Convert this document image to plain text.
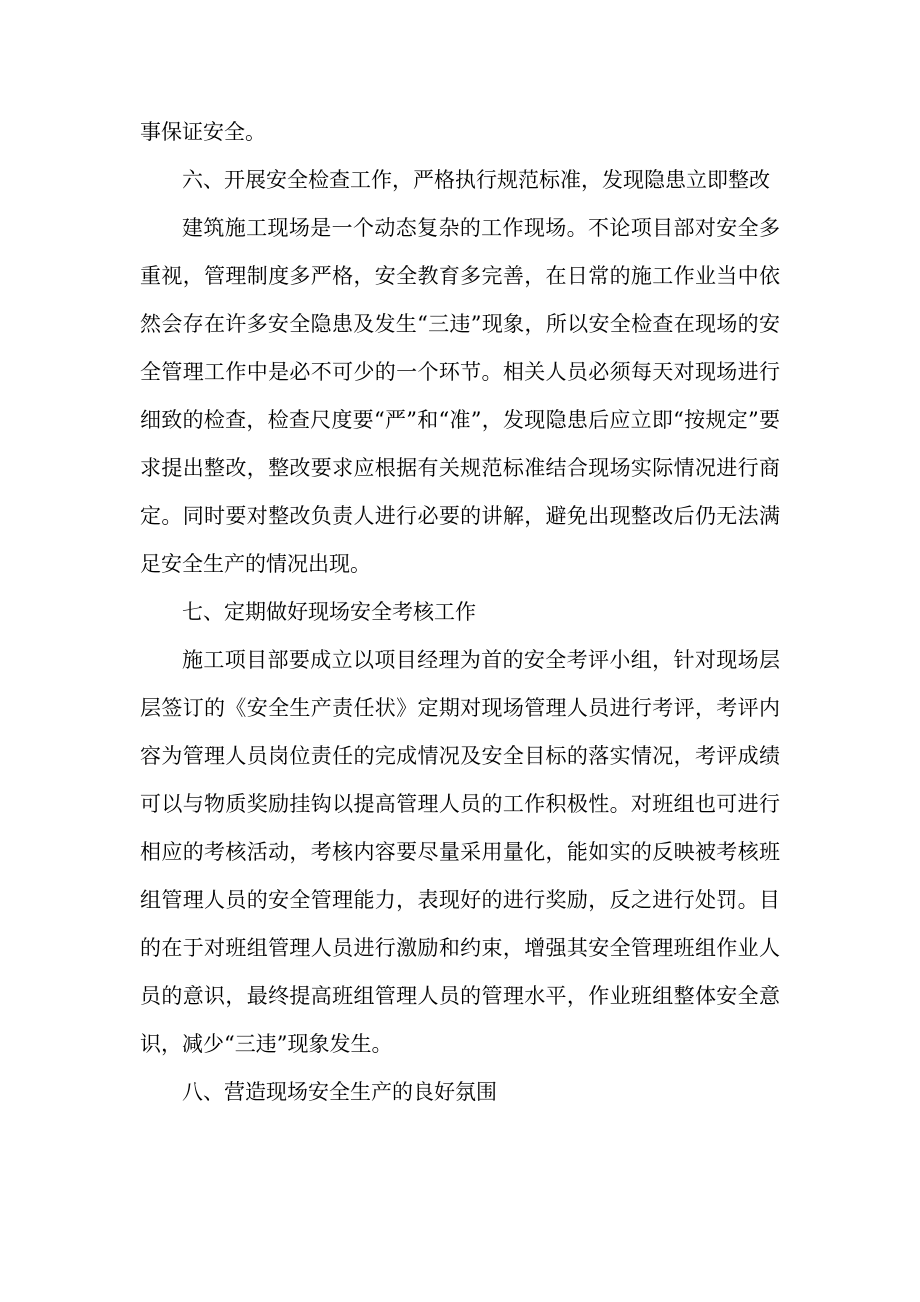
事保证安全。

六、开展安全检查工作，严格执行规范标准，发现隐患立即整改

建筑施工现场是一个动态复杂的工作现场。不论项目部对安全多重视，管理制度多严格，安全教育多完善，在日常的施工作业当中依然会存在许多安全隐患及发生“三违”现象，所以安全检查在现场的安全管理工作中是必不可少的一个环节。相关人员必须每天对现场进行细致的检查，检查尺度要“严”和“准”，发现隐患后应立即“按规定”要求提出整改，整改要求应根据有关规范标准结合现场实际情况进行商定。同时要对整改负责人进行必要的讲解，避免出现整改后仍无法满足安全生产的情况出现。

七、定期做好现场安全考核工作

施工项目部要成立以项目经理为首的安全考评小组，针对现场层层签订的《安全生产责任状》定期对现场管理人员进行考评，考评内容为管理人员岗位责任的完成情况及安全目标的落实情况，考评成绩可以与物质奖励挂钩以提高管理人员的工作积极性。对班组也可进行相应的考核活动，考核内容要尽量采用量化，能如实的反映被考核班组管理人员的安全管理能力，表现好的进行奖励，反之进行处罚。目的在于对班组管理人员进行激励和约束，增强其安全管理班组作业人员的意识，最终提高班组管理人员的管理水平，作业班组整体安全意识，减少“三违”现象发生。

八、营造现场安全生产的良好氛围
